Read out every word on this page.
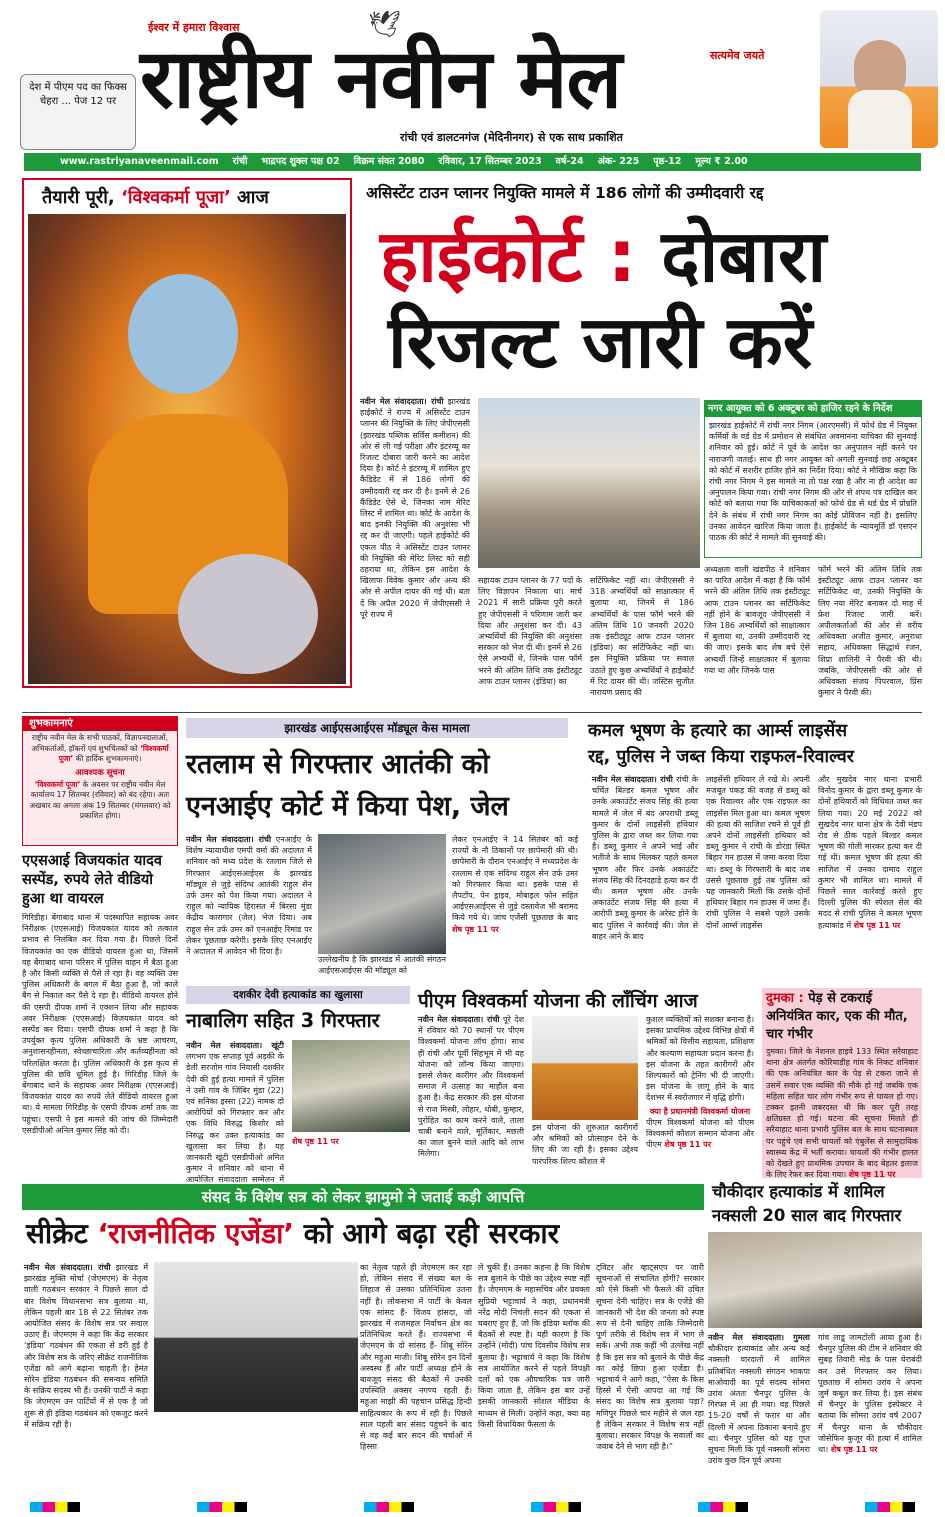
देश में पीएम पद का फिक्स चेहरा ... पेज 12 पर
ईश्वर में हमारा विश्वास	🕊
राष्ट्रीय नवीन मेल	सत्यमेव जयते
रांची एवं डालटनगंज (मेदिनीनगर) से एक साथ प्रकाशित
www.rastriyanaveenmail.com रांची भाद्रपद शुक्ल पक्ष 02 विक्रम संवत 2080 रविवार, 17 सितम्बर 2023 वर्ष-24 अंक- 225 पृष्ठ-12 मूल्य ₹ 2.00
तैयारी पूरी, ‘विश्वकर्मा पूजा’ आज	असिस्टेंट टाउन प्लानर नियुक्ति मामले में 186 लोगों की उम्मीदवारी रद्द
हाईकोर्ट : दोबारा
रिजल्ट जारी करें
नवीन मेल संवाददाता। रांची झारखंड हाईकोर्ट ने राज्य में असिस्टेंट टाउन प्लानर की नियुक्ति के लिए जेपीएससी (झारखंड पब्लिक सर्विस कमीशन) की ओर से ली गई परीक्षा और इंटरव्यू का रिजल्ट दोबारा जारी करने का आदेश दिया है। कोर्ट ने इंटरव्यू में शामिल हुए कैंडिडेट में से 186 लोगों की उम्मीदवारी रद्द कर दी है। इनमें से 26 कैंडिडेट ऐसे थे, जिनका नाम मेरिट लिस्ट में शामिल था। कोर्ट के आदेश के बाद इनकी नियुक्ति की अनुशंसा भी रद्द कर दी जाएगी। पहले हाईकोर्ट की एकल पीठ ने असिस्टेंट टाउन प्लानर की नियुक्ति की मेरिट लिस्ट को सही ठहराया था, लेकिन इस आदेश के खिलाफ विवेक कुमार और अन्य की ओर से अपील दायर की गई थी। बता दें कि अप्रैल 2020 में जेपीएससी ने पूरे राज्य में
सहायक टाउन प्लानर के 77 पदों के लिए विज्ञापन निकाला था। मार्च 2021 में सारी प्रक्रिया पूरी करते हुए जेपीएससी ने परिणाम जारी कर दिया और अनुशंसा कर दी। 43 अभ्यर्थियों की नियुक्ति की अनुशंसा सरकार को भेज दी थी। इनमें से 26 ऐसे अभ्यर्थी थे, जिनके पास फॉर्म भरने की अंतिम तिथि तक इंस्टीट्यूट आफ टाउन प्लानर (इंडिया) का
सर्टिफिकेट नहीं था। जेपीएससी ने 318 अभ्यर्थियों को साक्षात्कार में बुलाया था, जिनमें से 186 अभ्यर्थियों के पास फॉर्म भरने की अंतिम तिथि 10 जनवरी 2020 तक इंस्टीट्यूट आफ टाउन प्लानर (इंडिया) का सर्टिफिकेट नहीं था। इस नियुक्ति प्रक्रिया पर सवाल उठाते हुए कुछ अभ्यर्थियों ने हाईकोर्ट में रिट दायर की थी। जस्टिस सुजीत नारायण प्रसाद की
नगर आयुक्त को 6 अक्टूबर को हाजिर रहने के निर्देश
झारखंड हाईकोर्ट में रांची नगर निगम (आरएमसी) में फोर्थ ग्रेड में नियुक्त कर्मियों के वर्ड ग्रेड में प्रमोशन से संबंधित अवमानना याचिका की सुनवाई शनिवार को हुई। कोर्ट ने पूर्व के आदेश का अनुपालन नहीं करने पर नाराजगी जताई। साथ ही नगर आयुक्त को अगली सुनवाई छह अक्टूबर को कोर्ट में सशरीर हाजिर होने का निर्देश दिया। कोर्ट ने मौखिक कहा कि रांची नगर निगम ने इस मामले ना तो पक्ष रखा है और ना ही आदेश का अनुपालन किया गया। रांची नगर निगम की ओर से शपथ पत्र दाखिल कर कोर्ट को बताया गया कि याचिकाकर्ता को फोर्थ ग्रेड से थर्ड ग्रेड में प्रोन्नति देने के संबंध में रांची नगर निगम का कोई प्रोविजन नहीं है। इसलिए उनका आवेदन खारिज किया जाता है। हाईकोर्ट के न्यायमूर्ति डॉ एसएन पाठक की कोर्ट ने मामले की सुनवाई की।
अध्यक्षता वाली खंडपीठ ने शनिवार का पारित आदेश में कहा है कि फॉर्म भरने की अंतिम तिथि तक इंस्टीट्यूट आफ टाउन प्लानर का सर्टिफिकेट नहीं होने के बावजूद जेपीएससी ने जिन 186 अभ्यर्थियों को साक्षात्कार में बुलाया था, उनकी उम्मीदवारी रद्द की जाए। इसके बाद शेष बचे ऐसे अभ्यर्थी जिन्हें साक्षात्कार में बुलाया गया था और जिनके पास
फॉर्म भरने की अंतिम तिथि तक इंस्टीट्यूट आफ टाउन प्लानर का सर्टिफिकेट था, उनकी नियुक्ति के लिए नया मेरिट बनाकर दो माह में फ्रेश रिजल्ट जारी करें। अपीलकर्ताओं की ओर से वरीय अधिवक्ता अजीत कुमार, अनुराधा सहाय, अधिवक्ता सिद्धार्थ रंजन, शिप्रा शालिनी ने पैरवी की थी। जबकि, जेपीएससी की ओर से अधिवक्ता संजय पिपरवाल, प्रिंस कुमार ने पैरवी की।
शुभकामनाएं
राष्ट्रीय नवीन मेल के सभी पाठकों, विज्ञापनदाताओं, अभिकर्ताओं, हॉकरों एवं शुभचिंतकों को ‘विश्वकर्मा पूजा’ की हार्दिक शुभकामनाएं।
आवश्यक सूचना
‘विश्वकर्मा पूजा’ के अवसर पर राष्ट्रीय नवीन मेल कार्यालय 17 सितम्बर (रविवार) को बंद रहेगा। अतः अखबार का अगला अंक 19 सितम्बर (मंगलवार) को प्रकाशित होगा।
एएसआई विजयकांत यादव सस्पेंड, रुपये लेते वीडियो हुआ था वायरल
गिरिडीह। बेंगाबाद थाना में पदस्थापित सहायक अवर निरीक्षक (एएसआई) विजयकांत यादव को तत्काल प्रभाव से निलंबित कर दिया गया है। पिछले दिनों विजयकांत का एक वीडियो वायरल हुआ था, जिसमें वह बेंगाबाद थाना परिसर में पुलिस वाहन में बैठा हुआ है और किसी व्यक्ति से पैसे ले रहा है। वह व्यक्ति उस पुलिस अधिकारी के बगल में बैठा हुआ है, जो काले बैग से निकाल कर पैसे दे रहा है। वीडियो वायरल होने की एसपी दीपक शर्मा ने एक्शन लिया और सहायक अवर निरीक्षक (एएसआई) विजयकांत यादव को सस्पेंड कर दिया। एसपी दीपक शर्मा ने कहा है कि उपर्युक्त कृत्य पुलिस अधिकारी के भ्रष्ट आचरण, अनुशासनहीनता, स्वेच्छाचारिता और कर्तव्यहीनता को परिलक्षित करता है। पुलिस अधिकारी के इस कृत्य से पुलिस की छवि धूमिल हुई है। गिरिडीह जिले के बेंगाबाद थाने के सहायक अवर निरीक्षक (एएसआई) विजयकांत यादव का रुपये लेते वीडियो वायरल हुआ था। ये मामला गिरिडीह के एसपी दीपक शर्मा तक जा पहुंचा। एसपी ने इस मामले की जांच की जिम्मेदारी एसडीपीओ अनिल कुमार सिंह को दी।
झारखंड आईएसआईएस मॉड्यूल केस मामला
रतलाम से गिरफ्तार आतंकी को एनआईए कोर्ट में किया पेश, जेल
नवीन मेल संवाददाता। रांची एनआईए के विशेष न्यायाधीश एमपी वर्मा की अदालत में शनिवार को मध्य प्रदेश के रतलाम जिले से गिरफ्तार आईएसआईएस के झारखंड मॉड्यूल से जुड़े संदिग्ध आतंकी राहुल सेन उर्फ उमर को पेश किया गया। अदालत ने राहुल को न्यायिक हिरासत में बिरसा मुंडा केंद्रीय कारागार (जेल) भेज दिया। अब राहुल सेन उर्फ उमर को एनआईए रिमांड पर लेकर पूछताछ करेगी। इसके लिए एनआईए ने अदालत में आवेदन भी दिया है।
उल्लेखनीय है कि झारखंड में आतंकी संगठन आईएसआईएस की मॉड्यूल को
लेकर एनआईए ने 14 सितंबर को कई राज्यों के नौ ठिकानों पर छापेमारी की थी। छापेमारी के दौरान एनआईए ने मध्यप्रदेश के रतलाम से एक संदिग्ध राहुल सेन उर्फ उमर को गिरफ्तार किया था। इसके पास से लैपटॉप, पेन ड्राइव, मोबाइल फोन सहित आईएसआईएस से जुड़े दस्तावेज भी बरामद किये गये थे। जांच एजेंसी पूछताछ के बाद शेष पृष्ठ 11 पर
कमल भूषण के हत्यारे का आर्म्स लाइसेंस
रद्द, पुलिस ने जब्त किया राइफल-रिवाल्वर
नवीन मेल संवाददाता। रांची रांची के चर्चित बिल्डर कमल भूषण और उनके अकाउंटेंट संजय सिंह की हत्या मामले में जेल में बंद अपराधी डब्लू कुमार के दोनों लाइसेंसी हथियार पुलिस के द्वारा जब्त कर लिया गया है। डब्लू कुमार ने अपने भाई और भतीजे के साथ मिलकर पहले कमल भूषण और फिर उनके अकाउंटेंट संजय सिंह की दिनदहाड़े हत्या कर दी थी। कमल भूषण और उनके अकाउंटेंट संजय सिंह की हत्या में आरोपी डब्लू कुमार के अरेस्ट होने के बाद पुलिस ने कार्रवाई की। जेल से बाहर आने के बाद
लाइसेंसी हथियार ले रखे थे। अपनी मजबूत पकड़ की वजह से डब्लू को एक रिवाल्वर और एक राइफल का लाइसेंस मिल हुआ था। कमल भूषण की हत्या की साजिश रचने से पूर्व ही अपने दोनों लाइसेंसी हथियार को डब्लू कुमार ने रांची के डोरंडा स्थित बिहार गन हाउस में जमा करवा दिया था। डब्लू के गिरफ्तारी के बाद जब उससे पूछताछ हुई तब पुलिस को यह जानकारी मिली कि उसके दोनों हथियार बिहार गन हाउस में जमा हैं। रांची पुलिस ने सबसे पहले उसके दोनों आर्म्स लाइसेंस
और मुखदेव नगर थाना प्रभारी विनोद कुमार के द्वारा डब्लू कुमार के दोनों हथियारों को विधिवत जब्त कर लिया गया। 20 मई 2022 को सुखदेव नगर थाना क्षेत्र के देवी मंडप रोड से ठीक पहले बिल्डर कमल भूषण की गोली मारकर हत्या कर दी गई थी। कमल भूषण की हत्या की साजिश में उनका दामाद राहुल कुमार भी शामिल था। मामले में पिछले साल कार्रवाई करते हुए दिल्ली पुलिस की स्पेशल सेल की मदद से रांची पुलिस ने कमल भूषण हत्याकांड में शेष पृष्ठ 11 पर
दशकीर देवी हत्याकांड का खुलासा
नाबालिग सहित 3 गिरफ्तार
नवीन मेल संवाददाता। खूंटी लगभग एक सप्ताह पूर्व अड़की के डेली सरजोम गांव निवासी दशकीर देवी की हुई हत्या मामले में पुलिस ने उसी गांव के जिंबिर मुंडा (22) एवं सनिका इस्सा (22) नामक दो आरोपियों को गिरफ्तार कर और एक विधि विरुद्ध किशोर को निरुद्ध कर उक्त हत्याकांड का खुलासा कर लिया है। यह जानकारी खूंटी एसडीपीओ अमित कुमार ने शनिवार को थाना में आयोजित संवाददाता सम्मेलन में
शेष पृष्ठ 11 पर
पीएम विश्वकर्मा योजना की लॉंचिंग आज
नवीन मेल संवाददाता। रांची पूरे देश में रविवार को 70 स्थानों पर पीएम विश्वकर्मा योजना लॉच होगा। साथ ही रांची और पूर्वी सिंहभूम में भी यह योजना को लॉन्च किया जाएगा। इससे लेकर कारीगर और विश्वकर्मा समाज में उत्साह का माहौल बना हुआ है। केंद्र सरकार की इस योजना से राज मिस्त्री, लोहार, धोबी, कुम्हार, पुरोहित का काम करने वाले, ताला चाबी बनाने वाले, मूर्तिकार, मछली का जाल बुनने वाले आदि को लाभ मिलेगा।
इस योजना की शुरुआत कारीगरों और श्रमिकों को प्रोत्साहन देने के लिए की जा रही है। इसका उद्देश्य पारंपरिक शिल्प कौशल में
कुशल व्यक्तियों को सशक्त बनाना है। इसका प्राथमिक उद्देश्य विभिन्न क्षेत्रों में श्रमिकों को वित्तीय सहायता, प्रशिक्षण और कल्याण सहायता प्रदान करना है। इस योजना के तहत कारीगरों और शिल्पकारों को ट्रेनिंग भी दी जाएगी। इस योजना के लागू होने के बाद देशभर में स्वरोजगार में वृद्धि होगी।
क्या है प्रधानमंत्री विश्वकर्मा योजना
पीएम विश्वकर्मा योजना को पीएम विश्वकर्मा कौशल सम्मान योजना और पीएम शेष पृष्ठ 11 पर
दुमका : पेड़ से टकराई अनियंत्रित कार, एक की मौत, चार गंभीर
दुमका। जिले के नेशनल हाइवे 133 स्थित सरैयाहाट थाना क्षेत्र अंतर्गत कोरियाडीह गांव के निकट शनिवार की एक अनियंत्रित कार के पेड़ से टकरा जाने से उसमें सवार एक व्यक्ति की मौके हो गई जबकि एक महिला सहित चार लोग गंभीर रूप से घायल हो गए। टक्कर इतनी जबरदस्त थी कि कार पूरी तरह क्षतिग्रस्त हो गई। घटना की सूचना मिलते ही सरैयाहाट थाना प्रभारी पुलिस बल के साथ घटनास्थल पर पहुंचे एवं सभी घायलों को एंबुलेंस से सामुदायिक स्वास्थ्य केंद्र में भर्ती कराया। घायलों की गंभीर हालत को देखते हुए प्राथमिक उपचार के बाद बेहतर इलाज के लिए रेफर कर दिया गया। शेष पृष्ठ 11 पर
संसद के विशेष सत्र को लेकर झामुमो ने जताई कड़ी आपत्ति
सीक्रेट ‘राजनीतिक एजेंडा’ को आगे बढ़ा रही सरकार
नवीन मेल संवाददाता। रांची झारखंड में झारखंड मुक्ति मोर्चा (जेएमएम) के नेतृत्व वाली गठबंधन सरकार ने पिछले साल दो बार विशेष विधानसभा सत्र बुलाया था, लेकिन पहली बार 18 से 22 सितंबर तक आयोजित संसद के विशेष सत्र पर सवाल उठाए हैं। जेएमएम ने कहा कि केंद्र सरकार ‘इंडिया’ गठबंधन की एकता से डरी हुई है और विशेष सत्र के जरिए सीक्रेट राजनीतिक एजेंडा को आगे बढ़ाना चाहती है। हेमंत सोरेन इंडिया गठबंधन की समन्वय समिति के सक्रिय सदस्य भी हैं। उनकी पार्टी ने कहा कि जेएमएम उन पार्टियों में से एक है जो शुरू से ही इंडिया गठबंधन को एकजुट करने में सक्रिय रही है।
का नेतृत्व पहले ही जेएमएम कर रहा हो, लेकिन संसद में संख्या बल के लिहाज से उसका प्रतिनिधित्व उतना नहीं है। लोकसभा में पार्टी के केवल एक सांसद हैं- विजय हांसदा, जो झारखंड में राजमहल निर्वाचन क्षेत्र का प्रतिनिधित्व करते हैं। राज्यसभा में जेएमएम के दो सांसद हैं- शिबू सोरेन और महुआ माजी। शिबू सोरेन इन दिनों अस्वस्थ हैं और पार्टी अध्यक्ष होने के बावजूद संसद की बैठकों में उनकी उपस्थिति अक्सर नगण्य रहती है। महुआ माझी की पहचान प्रसिद्ध हिन्दी साहित्यकार के रूप में रही है। पिछले साल पहली बार संसद पहुंचने के बाद से वह कई बार सदन की चर्चाओं में हिस्सा
ले चुकी हैं। उनका कहना है कि विशेष सत्र बुलाने के पीछे का उद्देश्य स्पष्ट नहीं है। जेएमएम के महासचिव और प्रवक्ता सुप्रियो भट्टाचार्य ने कहा, प्रधानमंत्री नरेंद्र मोदी निचली सदन की एकता से घबराए हुए हैं, जो कि इंडिया ब्लॉक की बैठकों से स्पष्ट है। यही कारण है कि उन्होंने (मोदी) पांच दिवसीय विशेष सत्र बुलाया है। भट्टाचार्य ने कहा कि विशेष सत्र आयोजित करने से पहले विपक्षी दलों को एक औपचारिक पत्र जारी किया जाता है, लेकिन इस बार उन्हें इसकी जानकारी सोशल मीडिया के माध्यम से मिली। उन्होंने कहा, क्या यह किसी विधायिका फैसला के
ट्विटर और व्हाट्सएप पर जारी सूचनाओं से संचालित होगी? सरकार को ऐसे किसी भी फैसले की उचित सूचना देनी चाहिए। सत्र के एजेंडे की जानकारी भी देश की जनता को स्पष्ट रूप से देनी चाहिए ताकि जिम्मेदारी पूर्ण तरीके से विशेष सत्र में भाग ले सकें। अभी तक कहीं भी उल्लेख नहीं है कि इस सत्र को बुलाने के पीछे केंद्र का कोई छिपा हुआ एजेंडा है। भट्टाचार्य ने आगे कहा, “ऐसा के किस हिस्से में ऐसी आपदा आ गई कि संसद का विशेष सत्र बुलाया पड़ा? मणिपुर पिछले चार महीने से जल रहा है लेकिन सरकार ने विशेष सत्र नहीं बुलाया। सरकार विपक्ष के सवालों का जवाब देने से भाग रही है।”
चौकीदार हत्याकांड में शामिल नक्सली 20 साल बाद गिरफ्तार
नवीन मेल संवाददाता। गुमला चौकीदार हत्याकांड और अन्य कई नक्सली वारदातों में शामिल प्रतिबंधित नक्सली संगठन भाकपा माओवादी का पूर्व सदस्य सोमरा उरांव अंततः चैनपुर पुलिस के गिरफ्त में आ ही गया। वह पिछले 15-20 वर्षों से फरार था और दिल्ली में अपना ठिकाना बनाये हुए था। चैनपुर पुलिस को यह गुप्त सूचना मिली कि पूर्व नक्सली सोमरा उरांव कुछ दिन पूर्व अपना
गांव लाडू जामटोली आया हुआ है। चैनपुर पुलिस की टीम ने शनिवार की सुबह तिवारी मोड़ के पास घेराबंदी कर उसे गिरफ्तार कर लिया। पूछताछ में सोमरा उरांव ने अपना जुर्म कबूल कर लिया है। इस संबंध में चैनपुर के पुलिस इंस्पेक्टर ने बताया कि सोमरा उरांव वर्ष 2007 में चैनपुर थाना के चौकीदार जोसेफिन कुजूर की हत्या में शामिल था। शेष पृष्ठ 11 पर
